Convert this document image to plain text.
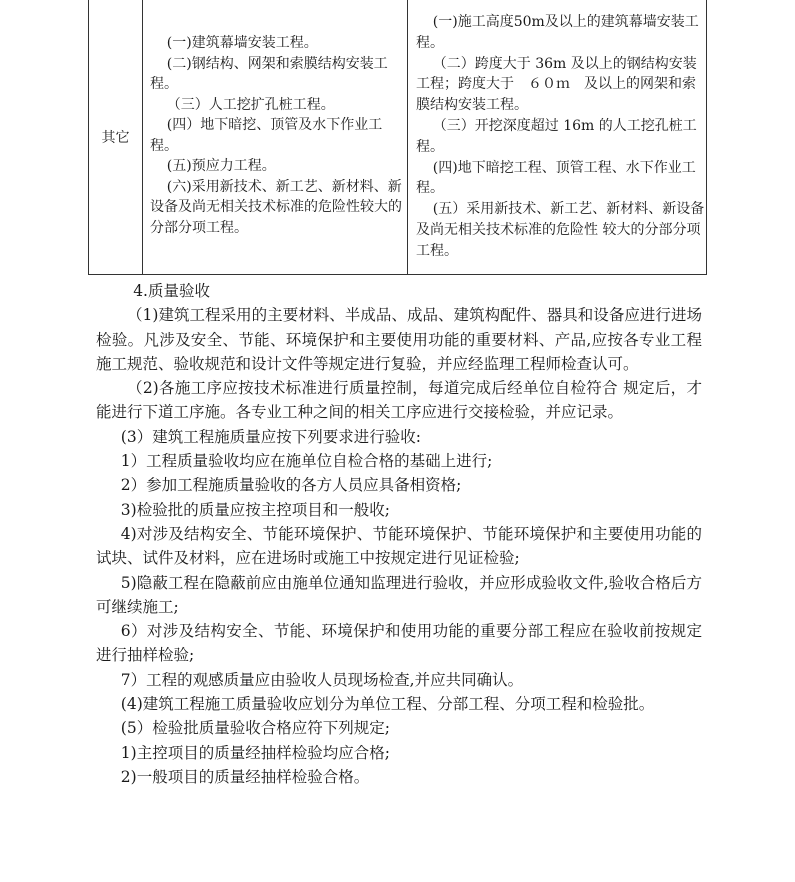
其它

(一)建筑幕墙安装工程。

(二)钢结构、网架和索膜结构安装工程。

（三）人工挖扩孔桩工程。

(四）地下暗挖、顶管及水下作业工程。

(五)预应力工程。

(六)采用新技术、新工艺、新材料、新设备及尚无相关技术标准的危险性较大的分部分项工程。

(一)施工高度50m及以上的建筑幕墙安装工程。

（二）跨度大于 36m 及以上的钢结构安装工程；跨度大于　６０ｍ　及以上的网架和索膜结构安装工程。

（三）开挖深度超过 16m 的人工挖孔桩工程。

(四)地下暗挖工程、顶管工程、水下作业工程。

(五）采用新技术、新工艺、新材料、新设备及尚无相关技术标准的危险性 较大的分部分项工程。

4.质量验收

（1)建筑工程采用的主要材料、半成品、成品、建筑构配件、器具和设备应进行进场检验。凡涉及安全、节能、环境保护和主要使用功能的重要材料、产品,应按各专业工程施工规范、验收规范和设计文件等规定进行复验，并应经监理工程师检查认可。

（2)各施工序应按技术标准进行质量控制，每道完成后经单位自检符合 规定后，才能进行下道工序施。各专业工种之间的相关工序应进行交接检验，并应记录。

(3）建筑工程施质量应按下列要求进行验收:

1）工程质量验收均应在施单位自检合格的基础上进行;

2）参加工程施质量验收的各方人员应具备相资格;

3)检验批的质量应按主控项目和一般收;

4)对涉及结构安全、节能环境保护、节能环境保护、节能环境保护和主要使用功能的试块、试件及材料，应在进场时或施工中按规定进行见证检验;

5)隐蔽工程在隐蔽前应由施单位通知监理进行验收，并应形成验收文件,验收合格后方可继续施工;

6）对涉及结构安全、节能、环境保护和使用功能的重要分部工程应在验收前按规定进行抽样检验;

7）工程的观感质量应由验收人员现场检查,并应共同确认。

(4)建筑工程施工质量验收应划分为单位工程、分部工程、分项工程和检验批。

(5）检验批质量验收合格应符下列规定;

1)主控项目的质量经抽样检验均应合格;

2)一般项目的质量经抽样检验合格。
